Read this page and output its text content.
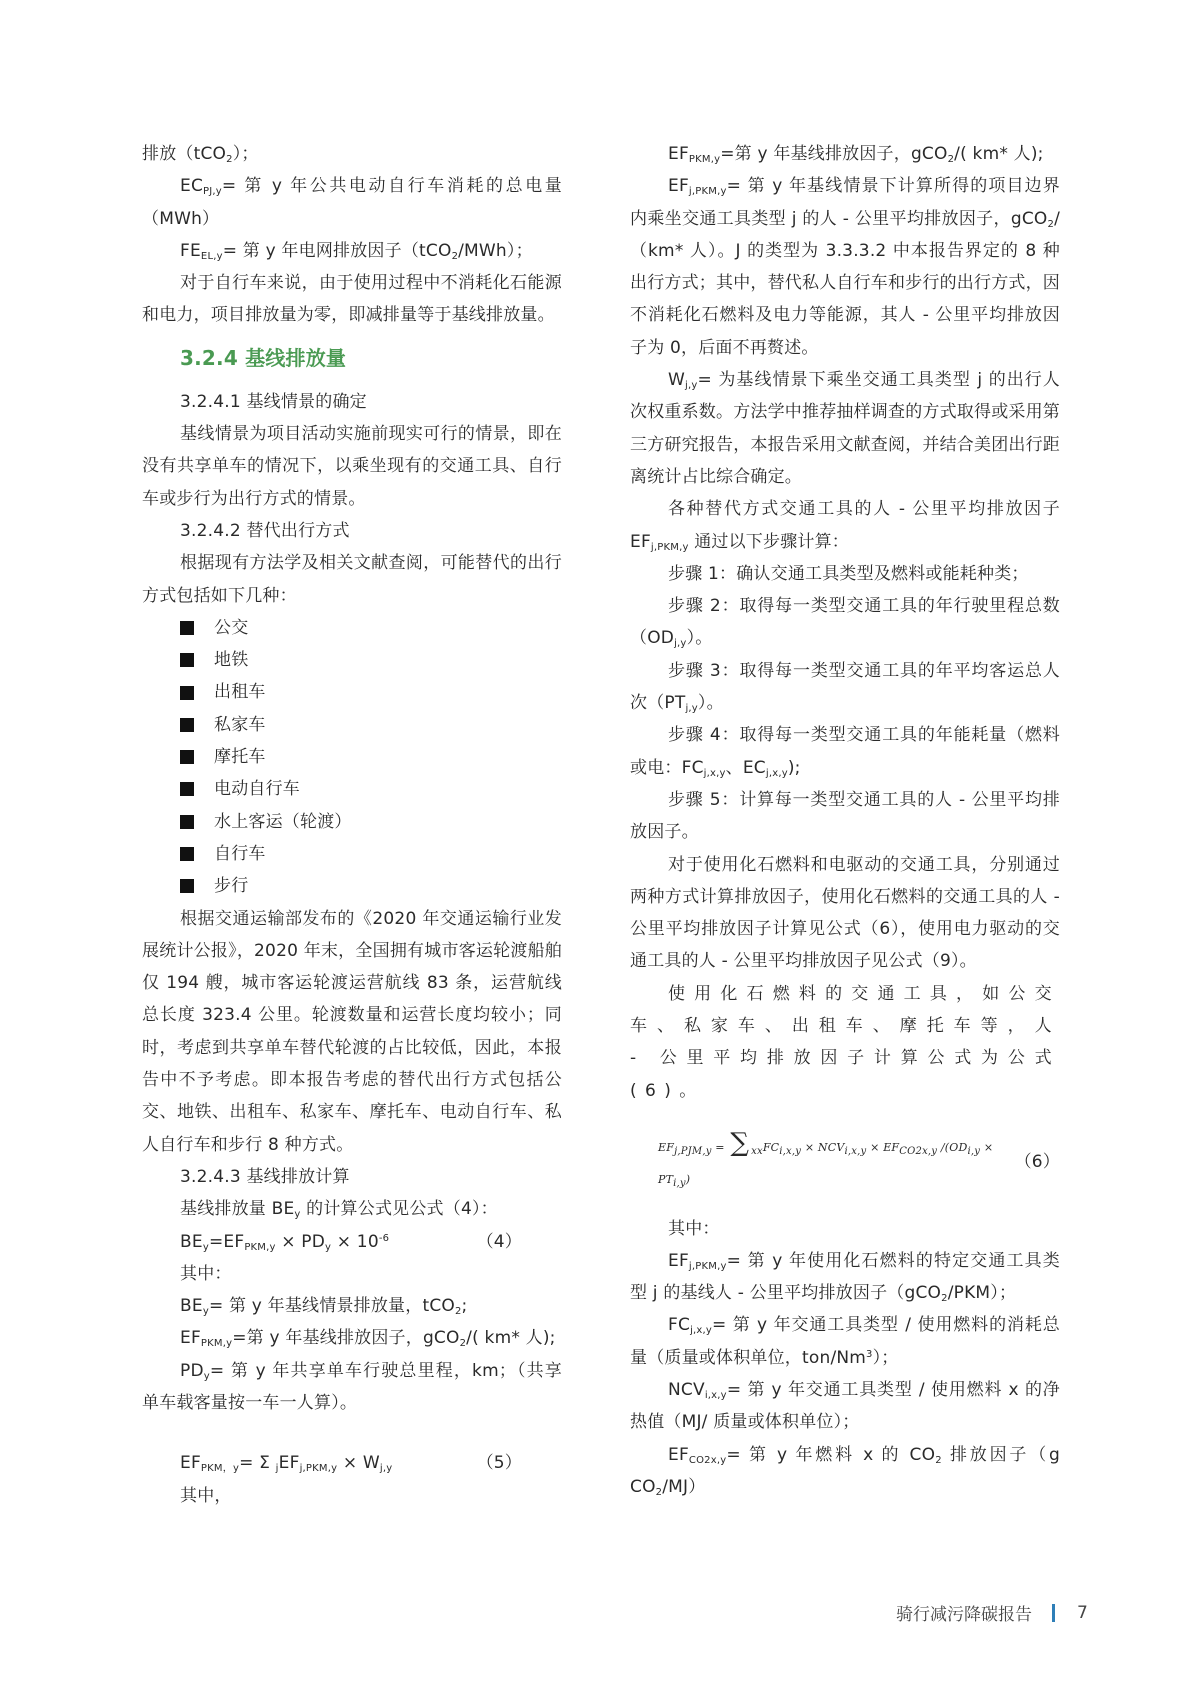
排放（tCO$_2$）；

$EC_{PJ,y}=$ 第 y 年公共电动自行车消耗的总电量（MWh）

$FE_{EL,y}=$ 第 y 年电网排放因子（tCO$_2$/MWh）；

对于自行车来说，由于使用过程中不消耗化石能源和电力，项目排放量为零，即减排量等于基线排放量。

3.2.4 基线排放量

3.2.4.1 基线情景的确定

基线情景为项目活动实施前现实可行的情景，即在没有共享单车的情况下，以乘坐现有的交通工具、自行车或步行为出行方式的情景。

3.2.4.2 替代出行方式

根据现有方法学及相关文献查阅，可能替代的出行方式包括如下几种：

公交
地铁
出租车
私家车
摩托车
电动自行车
水上客运（轮渡）
自行车
步行

根据交通运输部发布的《2020 年交通运输行业发展统计公报》，2020 年末，全国拥有城市客运轮渡船舶仅 194 艘，城市客运轮渡运营航线 83 条，运营航线总长度 323.4 公里。轮渡数量和运营长度均较小；同时，考虑到共享单车替代轮渡的占比较低，因此，本报告中不予考虑。即本报告考虑的替代出行方式包括公交、地铁、出租车、私家车、摩托车、电动自行车、私人自行车和步行 8 种方式。

3.2.4.3 基线排放计算

基线排放量 $BE_y$ 的计算公式见公式（4）：

$BE_y=EF_{PKM,y} \times PD_y \times 10^{-6}$	（4）

其中：

$BE_y=$ 第 y 年基线情景排放量，tCO$_2$;

$EF_{PKM,y}=$第 y 年基线排放因子，gCO$_2$/( km* 人);

$PD_y=$ 第 y 年共享单车行驶总里程，km；（共享单车载客量按一车一人算）。

$EF_{PKM,y}= \Sigma$ $_jEF_{j,PKM,y} \times W_{j,y}$	（5）

其中，

$EF_{PKM,y}=$第 y 年基线排放因子，gCO$_2$/( km* 人);

$EF_{j,PKM,y}=$ 第 y 年基线情景下计算所得的项目边界内乘坐交通工具类型 j 的人 - 公里平均排放因子，gCO$_2$/（km* 人）。J 的类型为 3.3.3.2 中本报告界定的 8 种出行方式；其中，替代私人自行车和步行的出行方式，因不消耗化石燃料及电力等能源，其人 - 公里平均排放因子为 0，后面不再赘述。

$W_{j,y}=$ 为基线情景下乘坐交通工具类型 j 的出行人次权重系数。方法学中推荐抽样调查的方式取得或采用第三方研究报告，本报告采用文献查阅，并结合美团出行距离统计占比综合确定。

各种替代方式交通工具的人 - 公里平均排放因子 $EF_{j,PKM,y}$ 通过以下步骤计算：

步骤 1：确认交通工具类型及燃料或能耗种类；

步骤 2：取得每一类型交通工具的年行驶里程总数$(OD_{j,y})$。

步骤 3：取得每一类型交通工具的年平均客运总人次$(PT_{j,y})$。

步骤 4：取得每一类型交通工具的年能耗量（燃料或电：$FC_{j,x,y}$、$EC_{j,x,y}$);

步骤 5：计算每一类型交通工具的人 - 公里平均排放因子。

对于使用化石燃料和电驱动的交通工具，分别通过两种方式计算排放因子，使用化石燃料的交通工具的人 - 公里平均排放因子计算见公式（6），使用电力驱动的交通工具的人 - 公里平均排放因子见公式（9）。

使用化石燃料的交通工具，如公交车、私家车、出租车、摩托车等，人 - 公里平均排放因子计算公式为公式(6)。

$EF_{j,PJM,y}$ = ∑ $_{xx}FC_{i,x,y} \times NCV_{i,x,y} \times EF_{CO2x,y}$ $/(OD_{i,y} \times PT_{i,y})$
（6）

其中：

$EF_{j,PKM,y}=$ 第 y 年使用化石燃料的特定交通工具类型 j 的基线人 - 公里平均排放因子（gCO$_2$/PKM）；

$FC_{j,x,y}=$ 第 y 年交通工具类型 / 使用燃料的消耗总量（质量或体积单位，ton/Nm$^3$）；

$NCV_{i,x,y}=$ 第 y 年交通工具类型 / 使用燃料 x 的净热值（MJ/ 质量或体积单位）；

$EF_{CO2x,y}=$ 第 y 年燃料 x 的 $CO_2$ 排放因子（g $CO_2/MJ$）

骑行减污降碳报告	7
